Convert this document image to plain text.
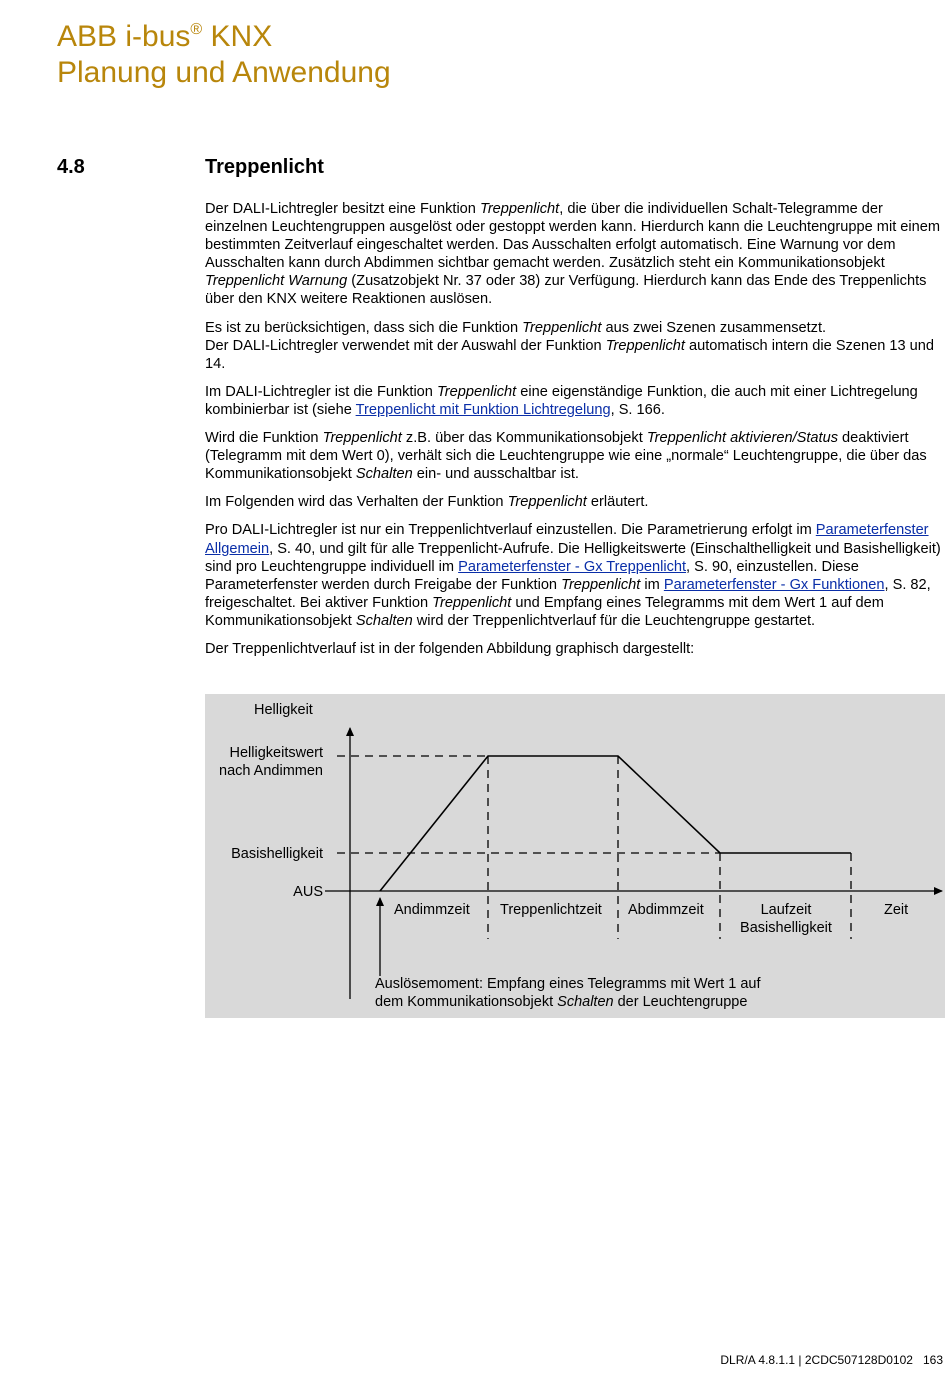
ABB i-bus® KNX
Planung und Anwendung
4.8	Treppenlicht

Der DALI-Lichtregler besitzt eine Funktion Treppenlicht, die über die individuellen Schalt-Telegramme der einzelnen Leuchtengruppen ausgelöst oder gestoppt werden kann. Hierdurch kann die Leuchtengruppe mit einem bestimmten Zeitverlauf eingeschaltet werden. Das Ausschalten erfolgt automatisch. Eine Warnung vor dem Ausschalten kann durch Abdimmen sichtbar gemacht werden. Zusätzlich steht ein Kommunikationsobjekt Treppenlicht Warnung (Zusatzobjekt Nr. 37 oder 38) zur Verfügung. Hierdurch kann das Ende des Treppenlichts über den KNX weitere Reaktionen auslösen.

Es ist zu berücksichtigen, dass sich die Funktion Treppenlicht aus zwei Szenen zusammensetzt.
Der DALI-Lichtregler verwendet mit der Auswahl der Funktion Treppenlicht automatisch intern die Szenen 13 und 14.

Im DALI-Lichtregler ist die Funktion Treppenlicht eine eigenständige Funktion, die auch mit einer Lichtregelung kombinierbar ist (siehe Treppenlicht mit Funktion Lichtregelung, S. 166.

Wird die Funktion Treppenlicht z.B. über das Kommunikationsobjekt Treppenlicht aktivieren/Status deaktiviert (Telegramm mit dem Wert 0), verhält sich die Leuchtengruppe wie eine „normale“ Leuchtengruppe, die über das Kommunikationsobjekt Schalten ein- und ausschaltbar ist.

Im Folgenden wird das Verhalten der Funktion Treppenlicht erläutert.

Pro DALI-Lichtregler ist nur ein Treppenlichtverlauf einzustellen. Die Parametrierung erfolgt im Parameterfenster Allgemein, S. 40, und gilt für alle Treppenlicht-Aufrufe. Die Helligkeitswerte (Einschalthelligkeit und Basishelligkeit) sind pro Leuchtengruppe individuell im Parameterfenster - Gx Treppenlicht, S. 90, einzustellen. Diese Parameterfenster werden durch Freigabe der Funktion Treppenlicht im Parameterfenster - Gx Funktionen, S. 82, freigeschaltet. Bei aktiver Funktion Treppenlicht und Empfang eines Telegramms mit dem Wert 1 auf dem Kommunikationsobjekt Schalten wird der Treppenlichtverlauf für die Leuchtengruppe gestartet.

Der Treppenlichtverlauf ist in der folgenden Abbildung graphisch dargestellt:

Helligkeit
Helligkeitswert
nach Andimmen
Basishelligkeit
AUS
Andimmzeit Treppenlichtzeit Abdimmzeit	Laufzeit
Basishelligkeit
Zeit
Auslösemoment: Empfang eines Telegramms mit Wert 1 auf
dem Kommunikationsobjekt Schalten der Leuchtengruppe
DLR/A 4.8.1.1 | 2CDC507128D0102 163
